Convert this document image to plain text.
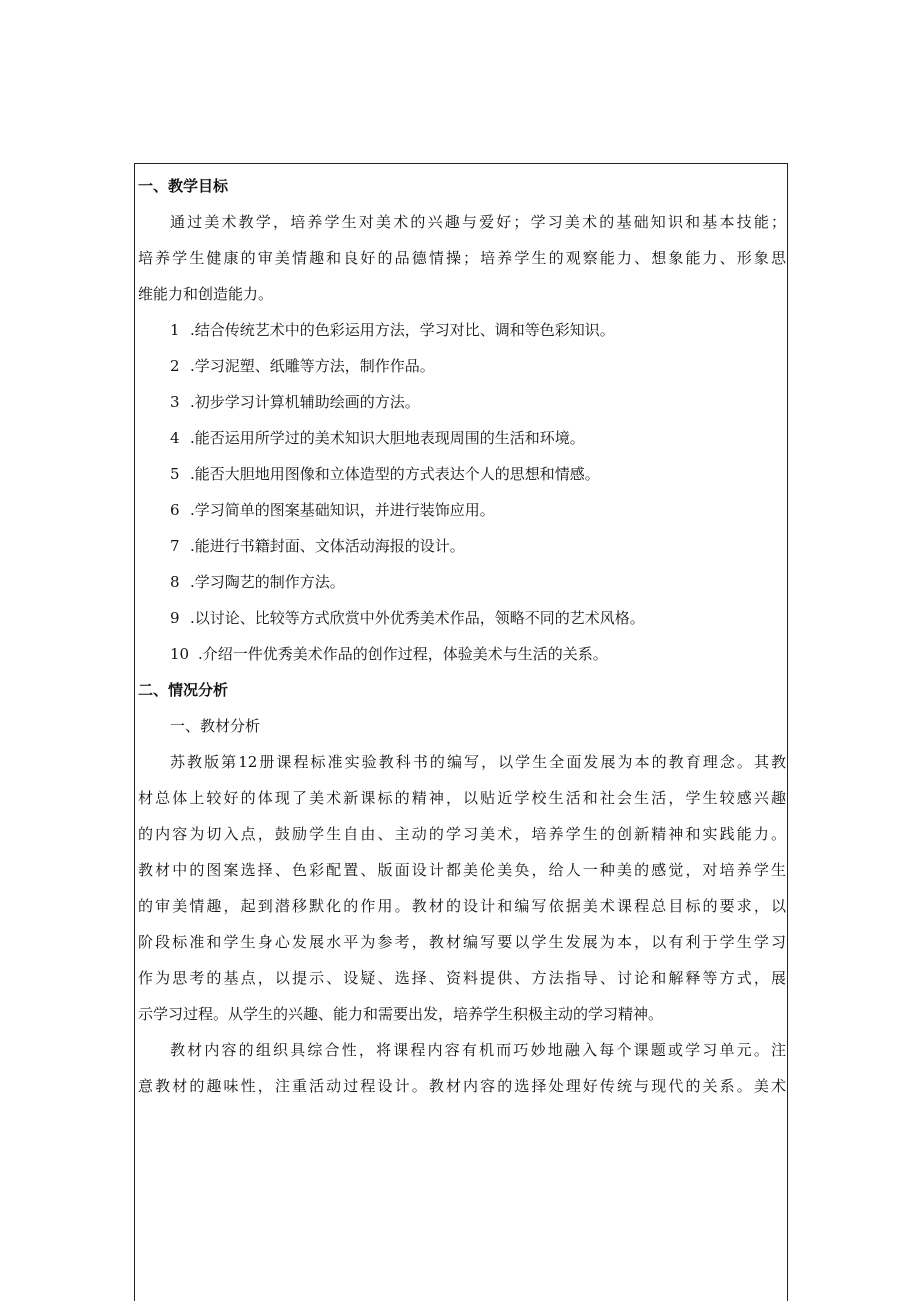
一、教学目标
通过美术教学，培养学生对美术的兴趣与爱好；学习美术的基础知识和基本技能；
培养学生健康的审美情趣和良好的品德情操；培养学生的观察能力、想象能力、形象思
维能力和创造能力。
1 .结合传统艺术中的色彩运用方法，学习对比、调和等色彩知识。
2 .学习泥塑、纸雕等方法，制作作品。
3 .初步学习计算机辅助绘画的方法。
4 .能否运用所学过的美术知识大胆地表现周围的生活和环境。
5 .能否大胆地用图像和立体造型的方式表达个人的思想和情感。
6 .学习简单的图案基础知识，并进行装饰应用。
7 .能进行书籍封面、文体活动海报的设计。
8 .学习陶艺的制作方法。
9 .以讨论、比较等方式欣赏中外优秀美术作品，领略不同的艺术风格。
10 .介绍一件优秀美术作品的创作过程，体验美术与生活的关系。
二、情况分析
一、教材分析
苏教版第12册课程标准实验教科书的编写，以学生全面发展为本的教育理念。其教
材总体上较好的体现了美术新课标的精神，以贴近学校生活和社会生活，学生较感兴趣
的内容为切入点，鼓励学生自由、主动的学习美术，培养学生的创新精神和实践能力。
教材中的图案选择、色彩配置、版面设计都美伦美奂，给人一种美的感觉，对培养学生
的审美情趣，起到潜移默化的作用。教材的设计和编写依据美术课程总目标的要求，以
阶段标准和学生身心发展水平为参考，教材编写要以学生发展为本，以有利于学生学习
作为思考的基点，以提示、设疑、选择、资料提供、方法指导、讨论和解释等方式，展
示学习过程。从学生的兴趣、能力和需要出发，培养学生积极主动的学习精神。
教材内容的组织具综合性，将课程内容有机而巧妙地融入每个课题或学习单元。注
意教材的趣味性，注重活动过程设计。教材内容的选择处理好传统与现代的关系。美术
